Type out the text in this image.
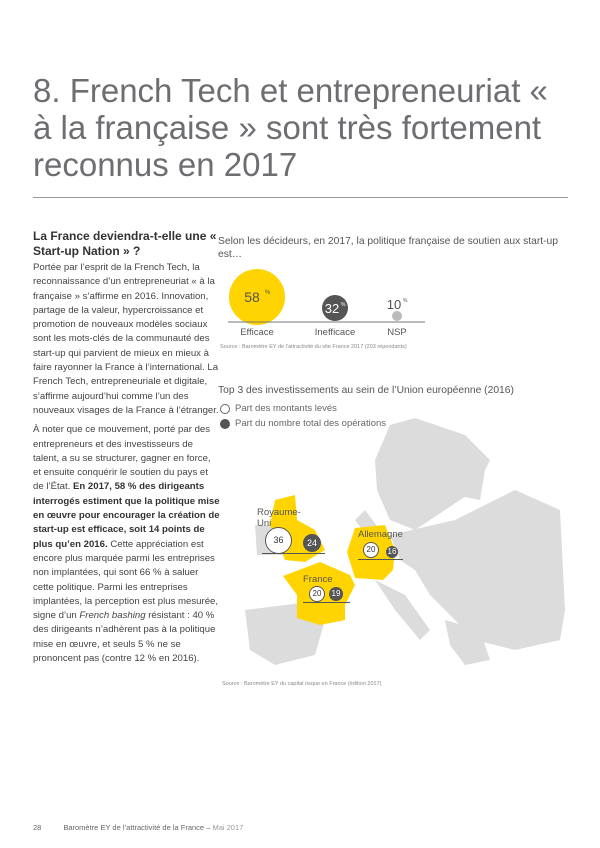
8. French Tech et entrepreneuriat « à la française » sont très fortement reconnus en 2017
La France deviendra-t-elle une « Start-up Nation » ?

Portée par l’esprit de la French Tech, la reconnaissance d’un entrepreneuriat « à la française » s’affirme en 2016. Innovation, partage de la valeur, hypercroissance et promotion de nouveaux modèles sociaux sont les mots-clés de la communauté des start-up qui parvient de mieux en mieux à faire rayonner la France à l’international. La French Tech, entrepreneuriale et digitale, s’affirme aujourd’hui comme l’un des nouveaux visages de la France à l’étranger.

À noter que ce mouvement, porté par des entrepreneurs et des investisseurs de talent, a su se structurer, gagner en force, et ensuite conquérir le soutien du pays et de l’État. En 2017, 58 % des dirigeants interrogés estiment que la politique mise en œuvre pour encourager la création de start-up est efficace, soit 14 points de plus qu’en 2016. Cette appréciation est encore plus marquée parmi les entreprises non implantées, qui sont 66 % à saluer cette politique. Parmi les entreprises implantées, la perception est plus mesurée, signe d’un French bashing résistant : 40 % des dirigeants n’adhèrent pas à la politique mise en œuvre, et seuls 5 % ne se prononcent pas (contre 12 % en 2016).

Selon les décideurs, en 2017, la politique française de soutien aux start-up est…
58 %
32 %	10 %
Efficace	Inefficace	NSP
Source : Baromètre EY de l’attractivité du site France 2017 (203 répondants)
Top 3 des investissements au sein de l’Union européenne (2016)
Part des montants levés
Part du nombre total des opérations
Royaume-Uni
36	24
Allemagne
20	16
France
20	19
Source : Baromètre EY du capital risque en France (édition 2017)
28	Baromètre EY de l’attractivité de la France – Mai 2017
